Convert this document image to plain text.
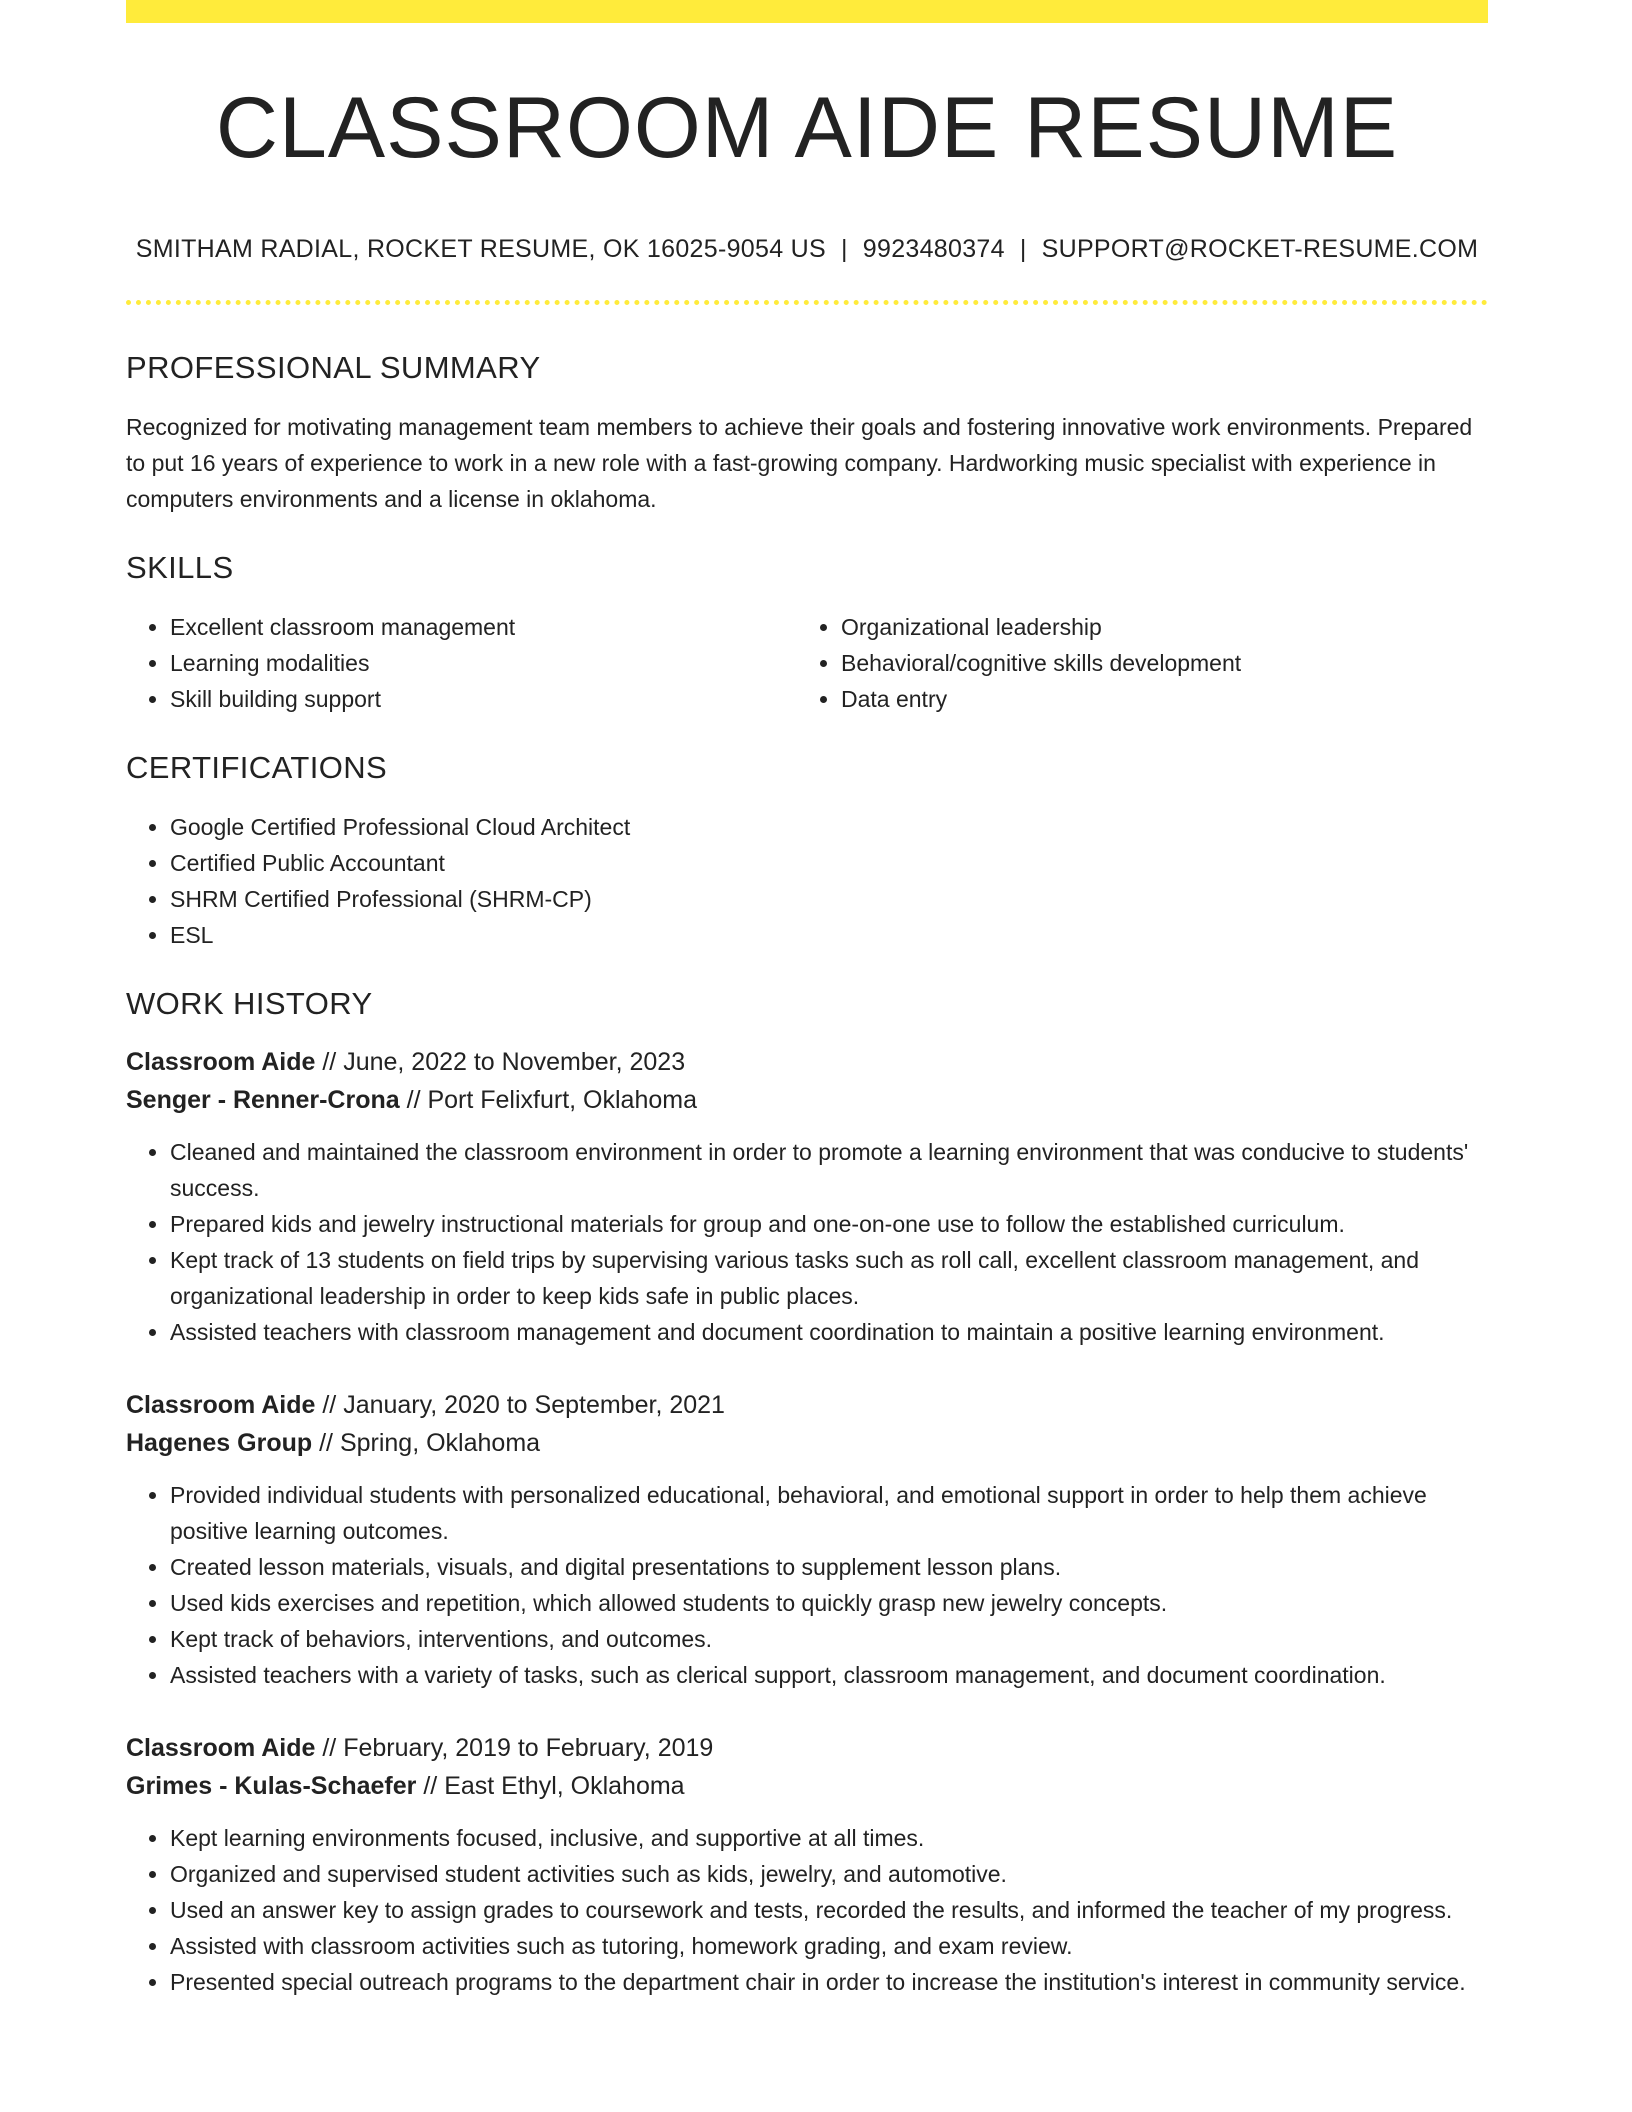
CLASSROOM AIDE RESUME
SMITHAM RADIAL, ROCKET RESUME, OK 16025-9054 US | 9923480374 | SUPPORT@ROCKET-RESUME.COM
PROFESSIONAL SUMMARY

Recognized for motivating management team members to achieve their goals and fostering innovative work environments. Prepared to put 16 years of experience to work in a new role with a fast-growing company. Hardworking music specialist with experience in computers environments and a license in oklahoma.

SKILLS
• Excellent classroom management
• Learning modalities
• Skill building support
• Organizational leadership
• Behavioral/cognitive skills development
• Data entry
CERTIFICATIONS
• Google Certified Professional Cloud Architect
• Certified Public Accountant
• SHRM Certified Professional (SHRM-CP)
• ESL
WORK HISTORY
Classroom Aide // June, 2022 to November, 2023
Senger - Renner-Crona // Port Felixfurt, Oklahoma
• Cleaned and maintained the classroom environment in order to promote a learning environment that was conducive to students' success.
• Prepared kids and jewelry instructional materials for group and one-on-one use to follow the established curriculum.
• Kept track of 13 students on field trips by supervising various tasks such as roll call, excellent classroom management, and organizational leadership in order to keep kids safe in public places.
• Assisted teachers with classroom management and document coordination to maintain a positive learning environment.
Classroom Aide // January, 2020 to September, 2021
Hagenes Group // Spring, Oklahoma
• Provided individual students with personalized educational, behavioral, and emotional support in order to help them achieve positive learning outcomes.
• Created lesson materials, visuals, and digital presentations to supplement lesson plans.
• Used kids exercises and repetition, which allowed students to quickly grasp new jewelry concepts.
• Kept track of behaviors, interventions, and outcomes.
• Assisted teachers with a variety of tasks, such as clerical support, classroom management, and document coordination.
Classroom Aide // February, 2019 to February, 2019
Grimes - Kulas-Schaefer // East Ethyl, Oklahoma
• Kept learning environments focused, inclusive, and supportive at all times.
• Organized and supervised student activities such as kids, jewelry, and automotive.
• Used an answer key to assign grades to coursework and tests, recorded the results, and informed the teacher of my progress.
• Assisted with classroom activities such as tutoring, homework grading, and exam review.
• Presented special outreach programs to the department chair in order to increase the institution's interest in community service.
